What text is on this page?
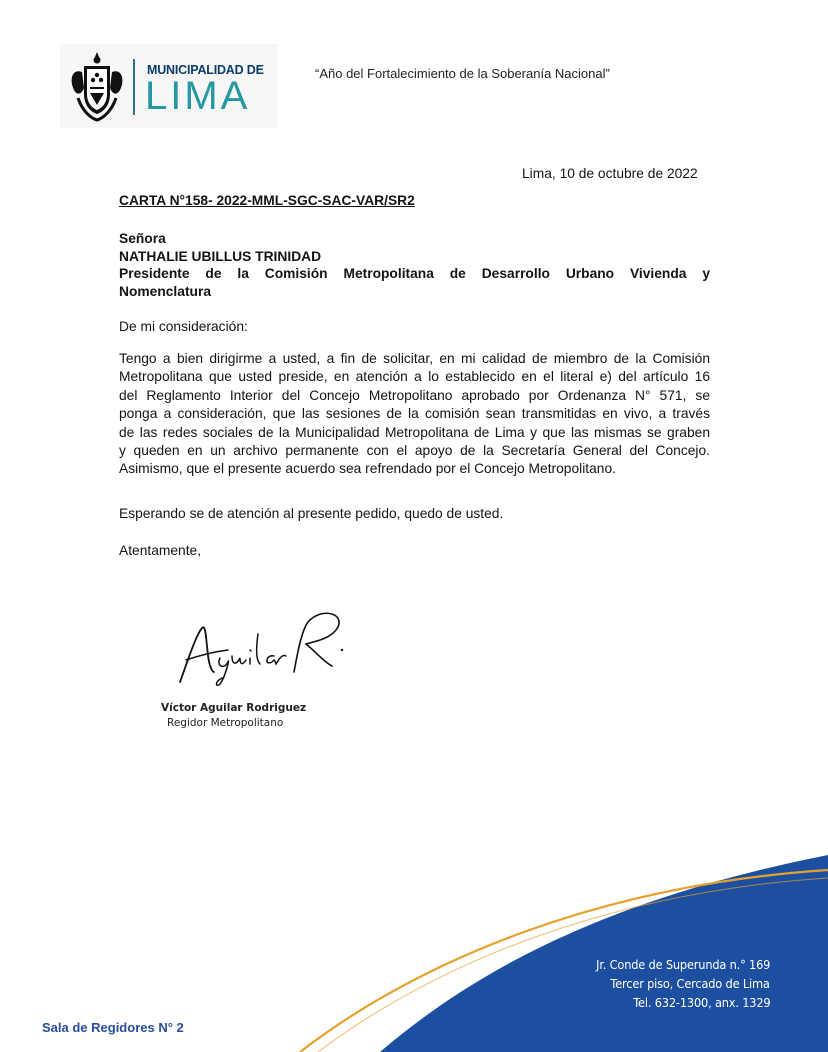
MUNICIPALIDAD DE
LIMA
“Año del Fortalecimiento de la Soberanía Nacional”
Lima, 10 de octubre de 2022
CARTA N°158- 2022-MML-SGC-SAC-VAR/SR2
Señora
NATHALIE UBILLUS TRINIDAD
Presidente de la Comisión Metropolitana de Desarrollo Urbano Vivienda y
Nomenclatura
De mi consideración:
Tengo a bien dirigirme a usted, a fin de solicitar, en mi calidad de miembro de la Comisión
Metropolitana que usted preside, en atención a lo establecido en el literal e) del artículo 16
del Reglamento Interior del Concejo Metropolitano aprobado por Ordenanza N° 571, se
ponga a consideración, que las sesiones de la comisión sean transmitidas en vivo, a través
de las redes sociales de la Municipalidad Metropolitana de Lima y que las mismas se graben
y queden en un archivo permanente con el apoyo de la Secretaría General del Concejo.
Asimismo, que el presente acuerdo sea refrendado por el Concejo Metropolitano.
Esperando se de atención al presente pedido, quedo de usted.
Atentamente,
Víctor Aguilar Rodriguez
Regidor Metropolitano
Jr. Conde de Superunda n.° 169
Tercer piso, Cercado de Lima
Tel. 632-1300, anx. 1329
Sala de Regidores N° 2
